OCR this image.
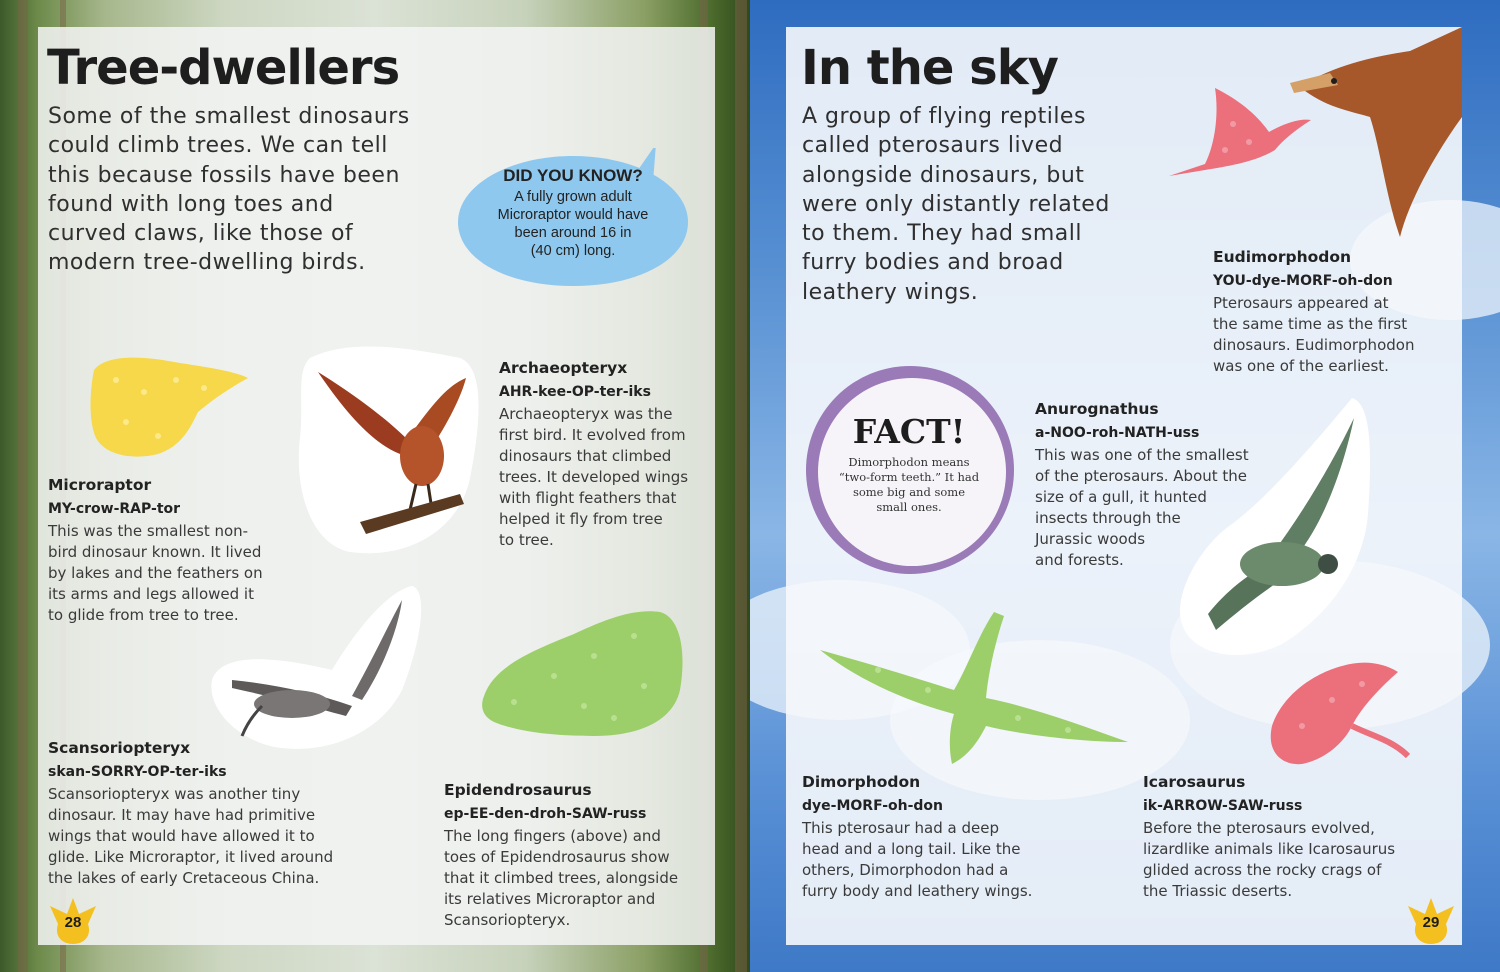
Tree-dwellers
Some of the smallest dinosaurs
could climb trees. We can tell
this because fossils have been
found with long toes and
curved claws, like those of
modern tree-dwelling birds.
DID YOU KNOW?
A fully grown adult
Microraptor would have
been around 16 in
(40 cm) long.
Archaeopteryx
AHR-kee-OP-ter-iks
Archaeopteryx was the
first bird. It evolved from
dinosaurs that climbed
trees. It developed wings
with flight feathers that
helped it fly from tree
to tree.
Microraptor
MY-crow-RAP-tor
This was the smallest non-
bird dinosaur known. It lived
by lakes and the feathers on
its arms and legs allowed it
to glide from tree to tree.
Scansoriopteryx
skan-SORRY-OP-ter-iks
Scansoriopteryx was another tiny
dinosaur. It may have had primitive
wings that would have allowed it to
glide. Like Microraptor, it lived around
the lakes of early Cretaceous China.
Epidendrosaurus
ep-EE-den-droh-SAW-russ
The long fingers (above) and
toes of Epidendrosaurus show
that it climbed trees, alongside
its relatives Microraptor and
Scansoriopteryx.
28
In the sky
A group of flying reptiles
called pterosaurs lived
alongside dinosaurs, but
were only distantly related
to them. They had small
furry bodies and broad
leathery wings.
Eudimorphodon
YOU-dye-MORF-oh-don
Pterosaurs appeared at
the same time as the first
dinosaurs. Eudimorphodon
was one of the earliest.
FACT!
Dimorphodon means
“two-form teeth.” It had
some big and some
small ones.
Anurognathus
a-NOO-roh-NATH-uss
This was one of the smallest
of the pterosaurs. About the
size of a gull, it hunted
insects through the
Jurassic woods
and forests.
Dimorphodon
dye-MORF-oh-don
This pterosaur had a deep
head and a long tail. Like the
others, Dimorphodon had a
furry body and leathery wings.
Icarosaurus
ik-ARROW-SAW-russ
Before the pterosaurs evolved,
lizardlike animals like Icarosaurus
glided across the rocky crags of
the Triassic deserts.
29
